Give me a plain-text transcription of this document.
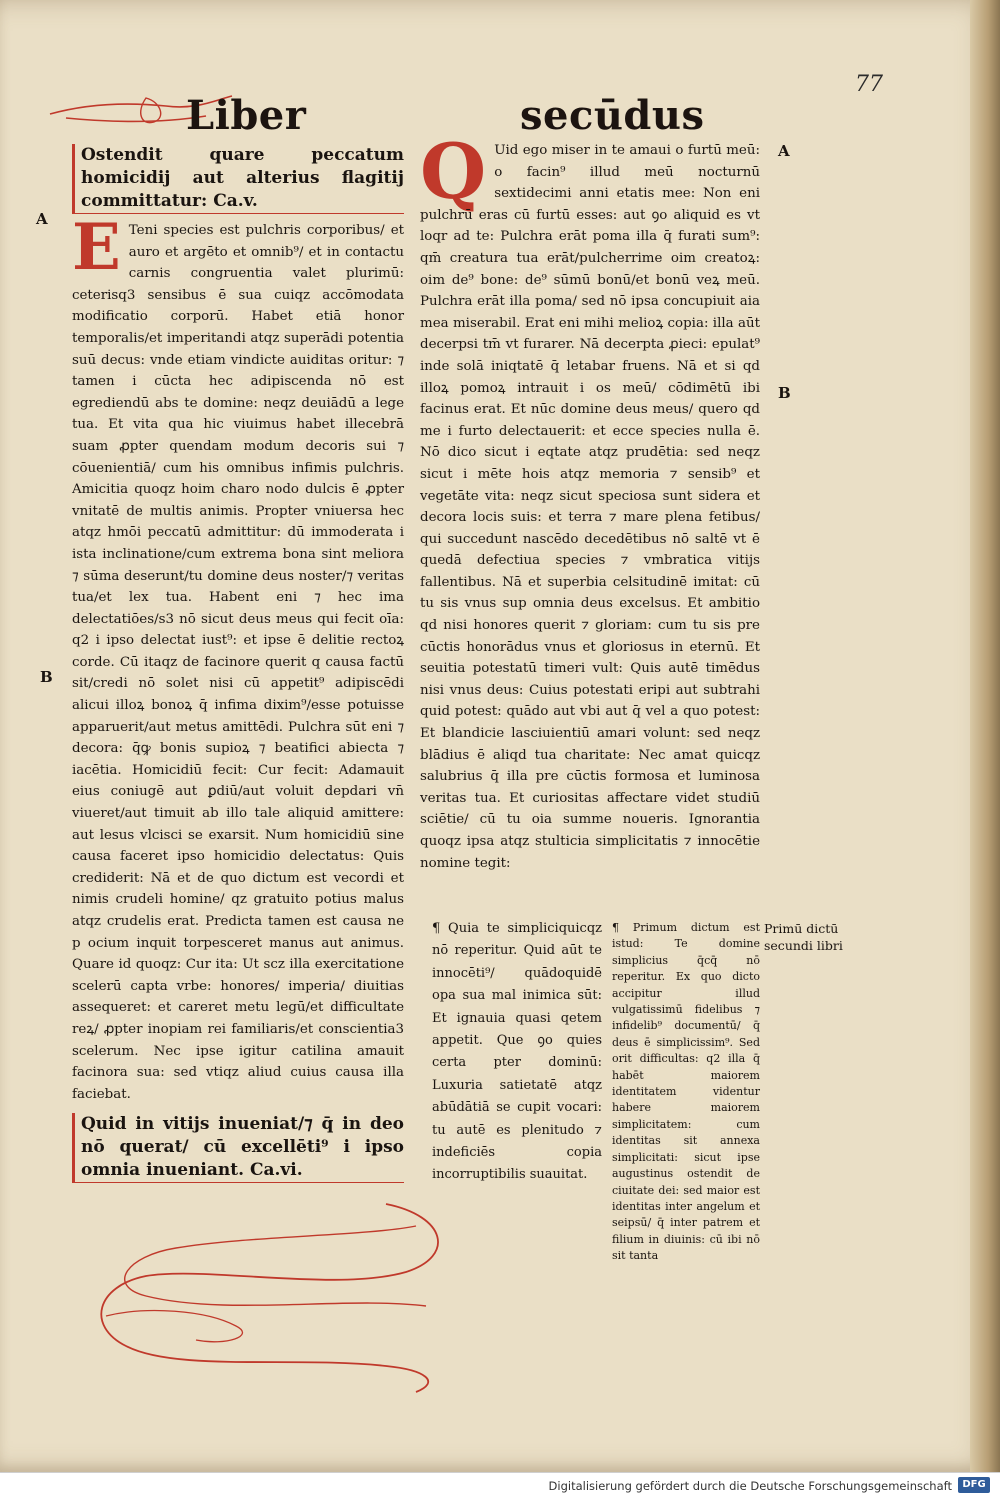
Liber	secūdus
77
Ostendit quare peccatum homicidij aut alterius flagitij committatur: Ca.v.

E Teni species est pulchris corporibus/ et auro et argēto et omnib⁹/ et in contactu carnis congruentia valet plurimū: ceterisq3 sensibus ē sua cuiqz accōmodata modificatio corporū. Habet etiā honor temporalis/et imperitandi atqz superādi potentia suū decus: vnde etiam vindicte auiditas oritur: ⁊ tamen i cūcta hec adipiscenda nō est egrediendū abs te domine: neqz deuiādū a lege tua. Et vita qua hic viuimus habet illecebrā suam ꝓpter quendam modum decoris sui ⁊ cōuenientiā/ cum his omnibus infimis pulchris. Amicitia quoqz hoim charo nodo dulcis ē ꝓpter vnitatē de multis animis. Propter vniuersa hec atqz hmōi peccatū admittitur: dū immoderata i ista inclinatione/cum extrema bona sint meliora ⁊ sūma deserunt/tu domine deus noster/⁊ veritas tua/et lex tua. Habent eni ⁊ hec ima delectatiōes/s3 nō sicut deus meus qui fecit oīa: q2 i ipso delectat iust⁹: et ipse ē delitie rectoꝝ corde. Cū itaqz de facinore querit q causa factū sit/credi nō solet nisi cū appetit⁹ adipiscēdi alicui illoꝝ bonoꝝ q̄ infima dixim⁹/esse potuisse apparuerit/aut metus amittēdi. Pulchra sūt eni ⁊ decora: q̄ꝙ bonis supioꝝ ⁊ beatifici abiecta ⁊ iacētia. Homicidiū fecit: Cur fecit: Adamauit eius coniugē aut ꝑdiū/aut voluit depdari vn̄ viueret/aut timuit ab illo tale aliquid amittere: aut lesus vlcisci se exarsit. Num homicidiū sine causa faceret ipso homicidio delectatus: Quis crediderit: Nā et de quo dictum est vecordi et nimis crudeli homine/ qz gratuito potius malus atqz crudelis erat. Predicta tamen est causa ne p ocium inquit torpesceret manus aut animus. Quare id quoqz: Cur ita: Ut scz illa exercitatione scelerū capta vrbe: honores/ imperia/ diuitias assequeret: et careret metu legū/et difficultate reꝝ/ ꝓpter inopiam rei familiaris/et conscientia3 scelerum. Nec ipse igitur catilina amauit facinora sua: sed vtiqz aliud cuius causa illa faciebat.

Quid in vitijs inueniat/⁊ q̄ in deo nō querat/ cū excellēti⁹ i ipso omnia inueniant. Ca.vi.

Q Uid ego miser in te amaui o furtū meū: o facin⁹ illud meū nocturnū sextidecimi anni etatis mee: Non eni pulchrū eras cū furtū esses: aut ꝯo aliquid es vt loqr ad te: Pulchra erāt poma illa q̄ furati sum⁹: qm̄ creatura tua erāt/pulcherrime oim creatoꝝ: oim de⁹ bone: de⁹ sūmū bonū/et bonū veꝝ meū. Pulchra erāt illa poma/ sed nō ipsa concupiuit aia mea miserabil. Erat eni mihi melioꝝ copia: illa aūt decerpsi tm̄ vt furarer. Nā decerpta ꝓieci: epulat⁹ inde solā iniqtatē q̄ letabar fruens. Nā et si qd illoꝝ pomoꝝ intrauit i os meū/ cōdimētū ibi facinus erat. Et nūc domine deus meus/ quero qd me i furto delectauerit: et ecce species nulla ē. Nō dico sicut i eqtate atqz prudētia: sed neqz sicut i mēte hois atqz memoria ⁊ sensib⁹ et vegetāte vita: neqz sicut speciosa sunt sidera et decora locis suis: et terra ⁊ mare plena fetibus/ qui succedunt nascēdo decedētibus nō saltē vt ē quedā defectiua species ⁊ vmbratica vitijs fallentibus. Nā et superbia celsitudinē imitat: cū tu sis vnus sup omnia deus excelsus. Et ambitio qd nisi honores querit ⁊ gloriam: cum tu sis pre cūctis honorādus vnus et gloriosus in eternū. Et seuitia potestatū timeri vult: Quis autē timēdus nisi vnus deus: Cuius potestati eripi aut subtrahi quid potest: quādo aut vbi aut q̄ vel a quo potest: Et blandicie lasciuientiū amari volunt: sed neqz blādius ē aliqd tua charitate: Nec amat quicqz salubrius q̄ illa pre cūctis formosa et luminosa veritas tua. Et curiositas affectare videt studiū sciētie/ cū tu oia summe noueris. Ignorantia quoqz ipsa atqz stulticia simplicitatis ⁊ innocētie nomine tegit:

¶ Quia te simpliciquicqz nō reperitur. Quid aūt te innocēti⁹/ quādoquidē opa sua mal inimica sūt: Et ignauia quasi qetem appetit. Que ꝯo quies certa pter dominū: Luxuria satietatē atqz abūdātiā se cupit vocari: tu autē es plenitudo ⁊ indeficiēs copia incorruptibilis suauitat.
¶ Primum dictum est istud: Te domine simplicius q̄cq̄ nō reperitur. Ex quo dicto accipitur illud vulgatissimū fidelibus ⁊ infidelib⁹ documentū/ q̄ deus ē simplicissim⁹. Sed orit difficultas: q2 illa q̄ habēt maiorem identitatem videntur habere maiorem simplicitatem: cum identitas sit annexa simplicitati: sicut ipse augustinus ostendit de ciuitate dei: sed maior est identitas inter angelum et seipsū/ q̄ inter patrem et filium in diuinis: cū ibi nō sit tanta
Primū dictū secundi libri
A
B
A
B
Digitalisierung gefördert durch die Deutsche Forschungsgemeinschaft	DFG
